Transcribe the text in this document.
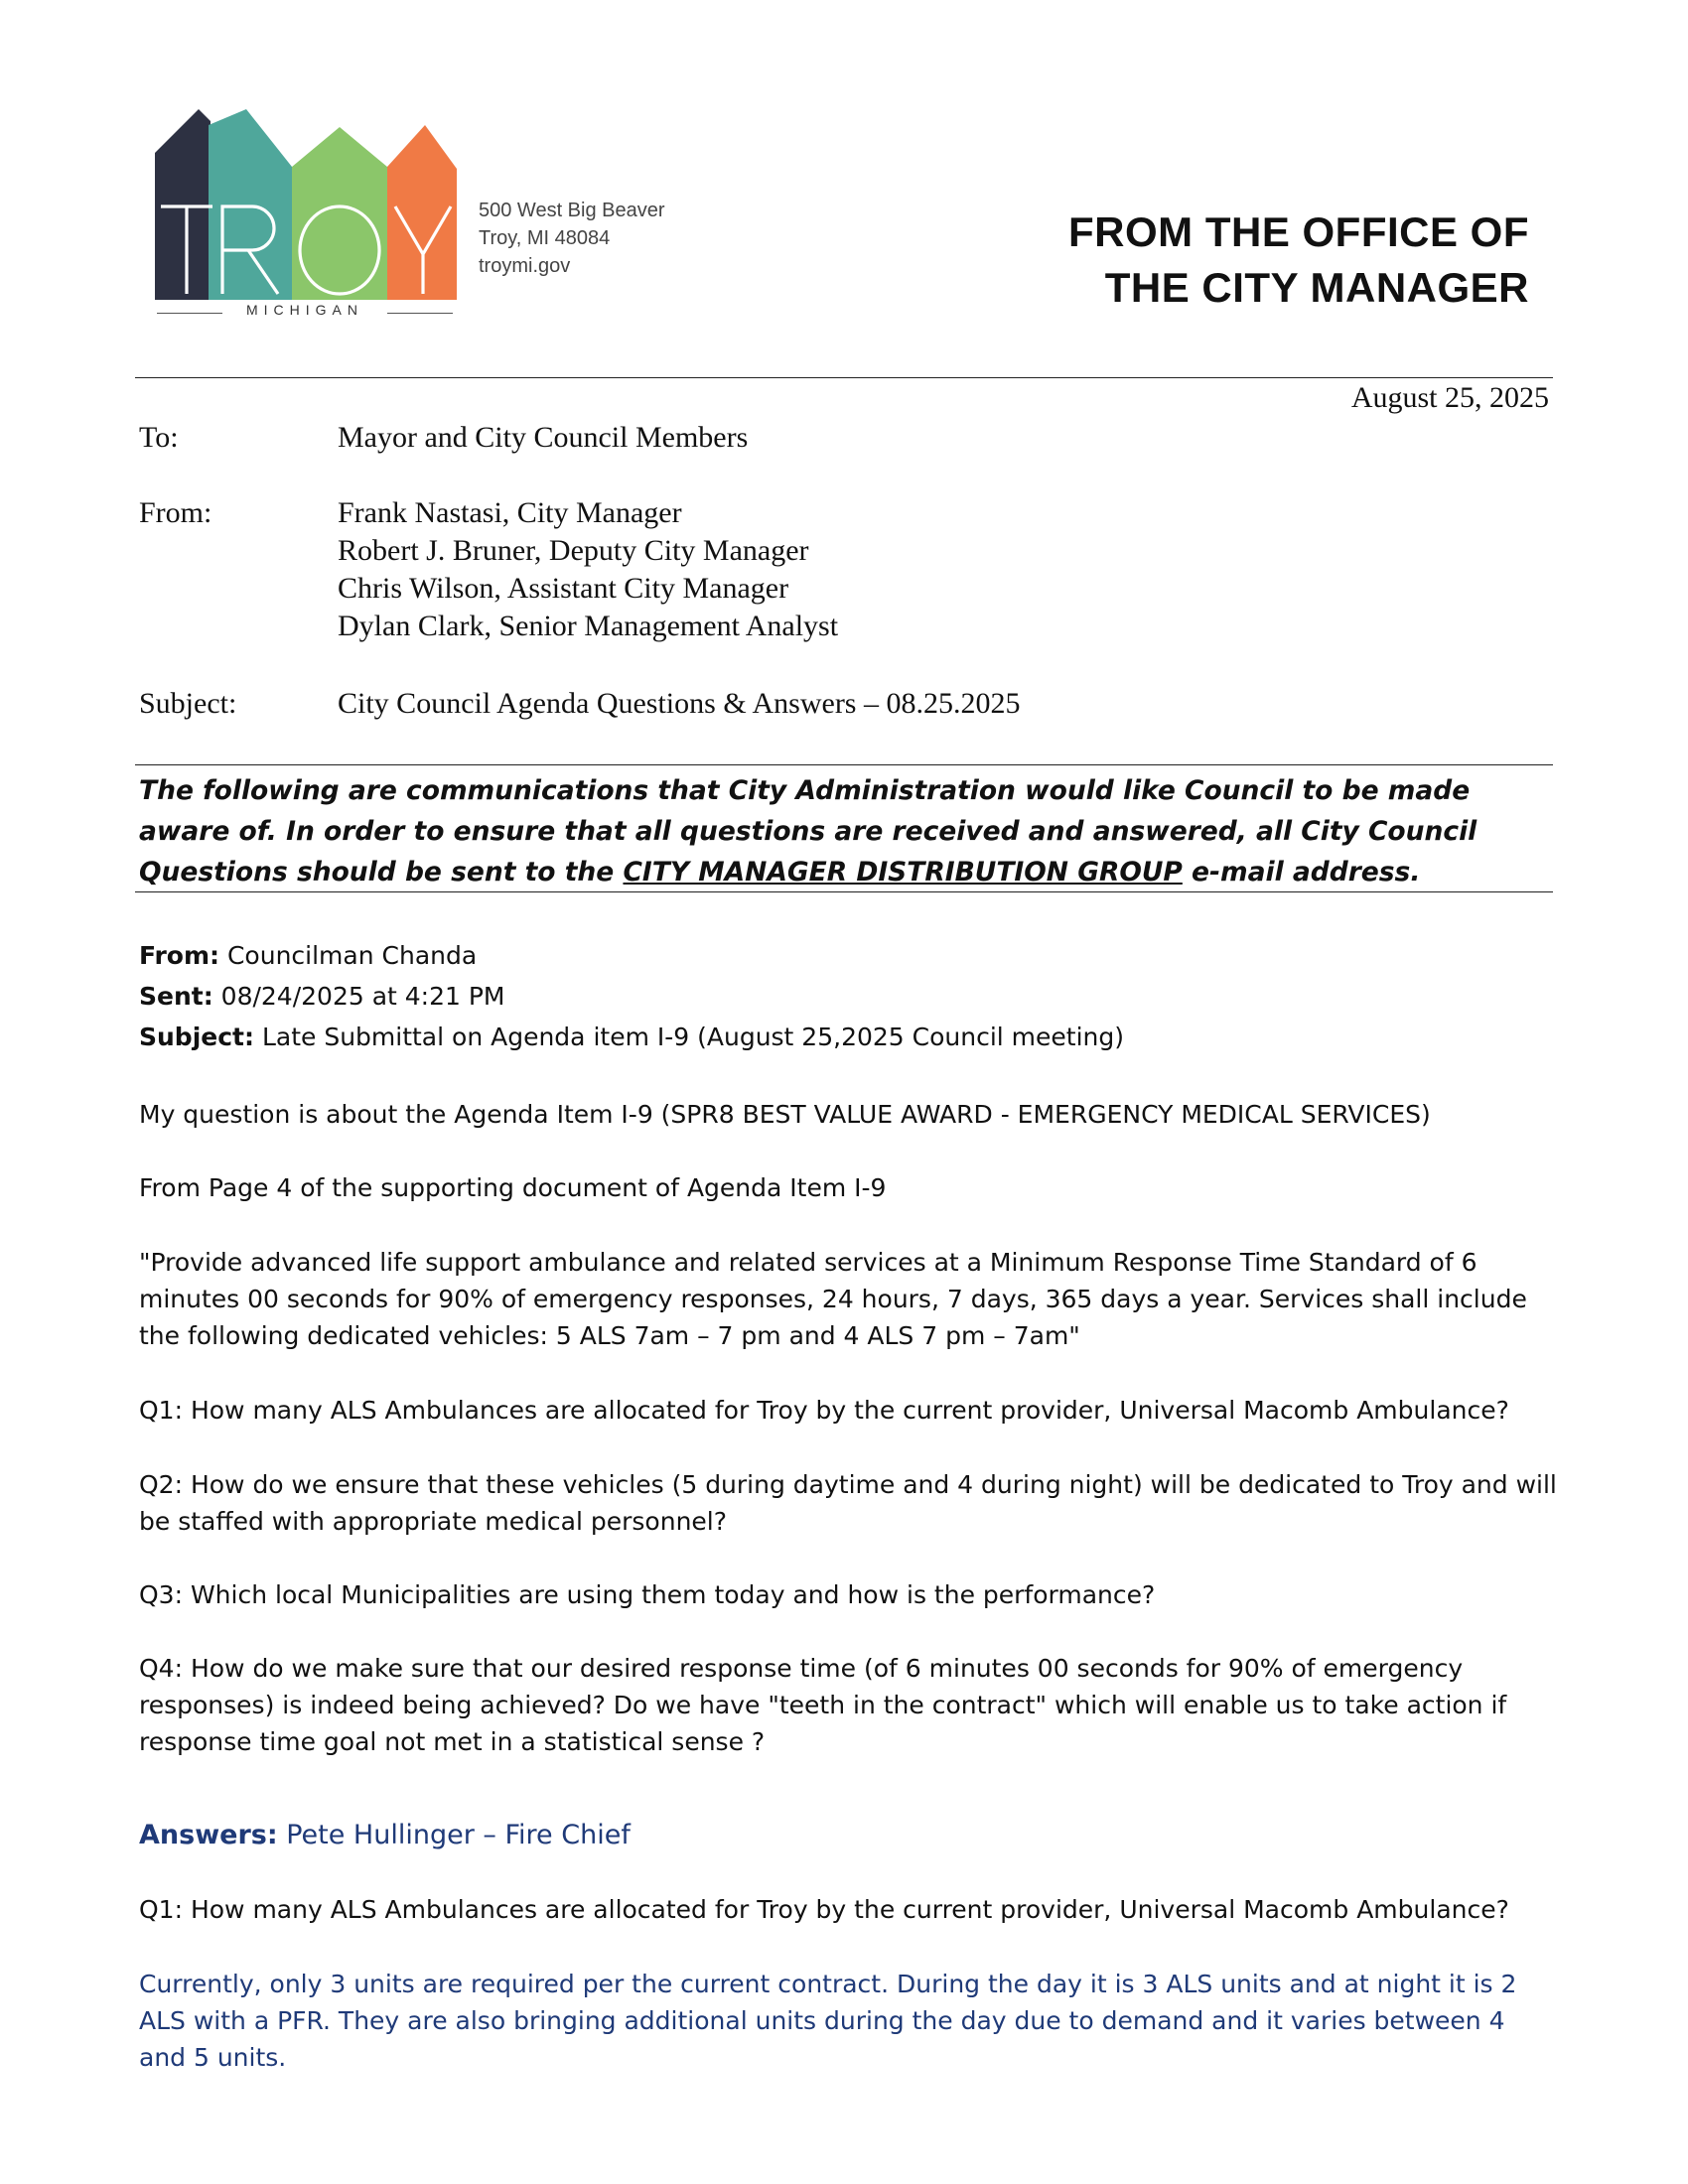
MICHIGAN
500 West Big Beaver
Troy, MI 48084
troymi.gov
FROM THE OFFICE OF
THE CITY MANAGER
August 25, 2025
To:	Mayor and City Council Members
From:	Frank Nastasi, City Manager
Robert J. Bruner, Deputy City Manager
Chris Wilson, Assistant City Manager
Dylan Clark, Senior Management Analyst
Subject:	City Council Agenda Questions & Answers – 08.25.2025
The following are communications that City Administration would like Council to be made aware of. In order to ensure that all questions are received and answered, all City Council Questions should be sent to the CITY MANAGER DISTRIBUTION GROUP e-mail address.
From: Councilman Chanda
Sent: 08/24/2025 at 4:21 PM
Subject: Late Submittal on Agenda item I-9 (August 25,2025 Council meeting)
My question is about the Agenda Item I-9 (SPR8 BEST VALUE AWARD - EMERGENCY MEDICAL SERVICES)
From Page 4 of the supporting document of Agenda Item I-9
"Provide advanced life support ambulance and related services at a Minimum Response Time Standard of 6 minutes 00 seconds for 90% of emergency responses, 24 hours, 7 days, 365 days a year. Services shall include the following dedicated vehicles: 5 ALS 7am – 7 pm and 4 ALS 7 pm – 7am"
Q1: How many ALS Ambulances are allocated for Troy by the current provider, Universal Macomb Ambulance?
Q2: How do we ensure that these vehicles (5 during daytime and 4 during night) will be dedicated to Troy and will be staffed with appropriate medical personnel?
Q3: Which local Municipalities are using them today and how is the performance?
Q4: How do we make sure that our desired response time (of 6 minutes 00 seconds for 90% of emergency responses) is indeed being achieved? Do we have "teeth in the contract" which will enable us to take action if response time goal not met in a statistical sense ?
Answers: Pete Hullinger – Fire Chief
Q1: How many ALS Ambulances are allocated for Troy by the current provider, Universal Macomb Ambulance?
Currently, only 3 units are required per the current contract. During the day it is 3 ALS units and at night it is 2 ALS with a PFR. They are also bringing additional units during the day due to demand and it varies between 4 and 5 units.
